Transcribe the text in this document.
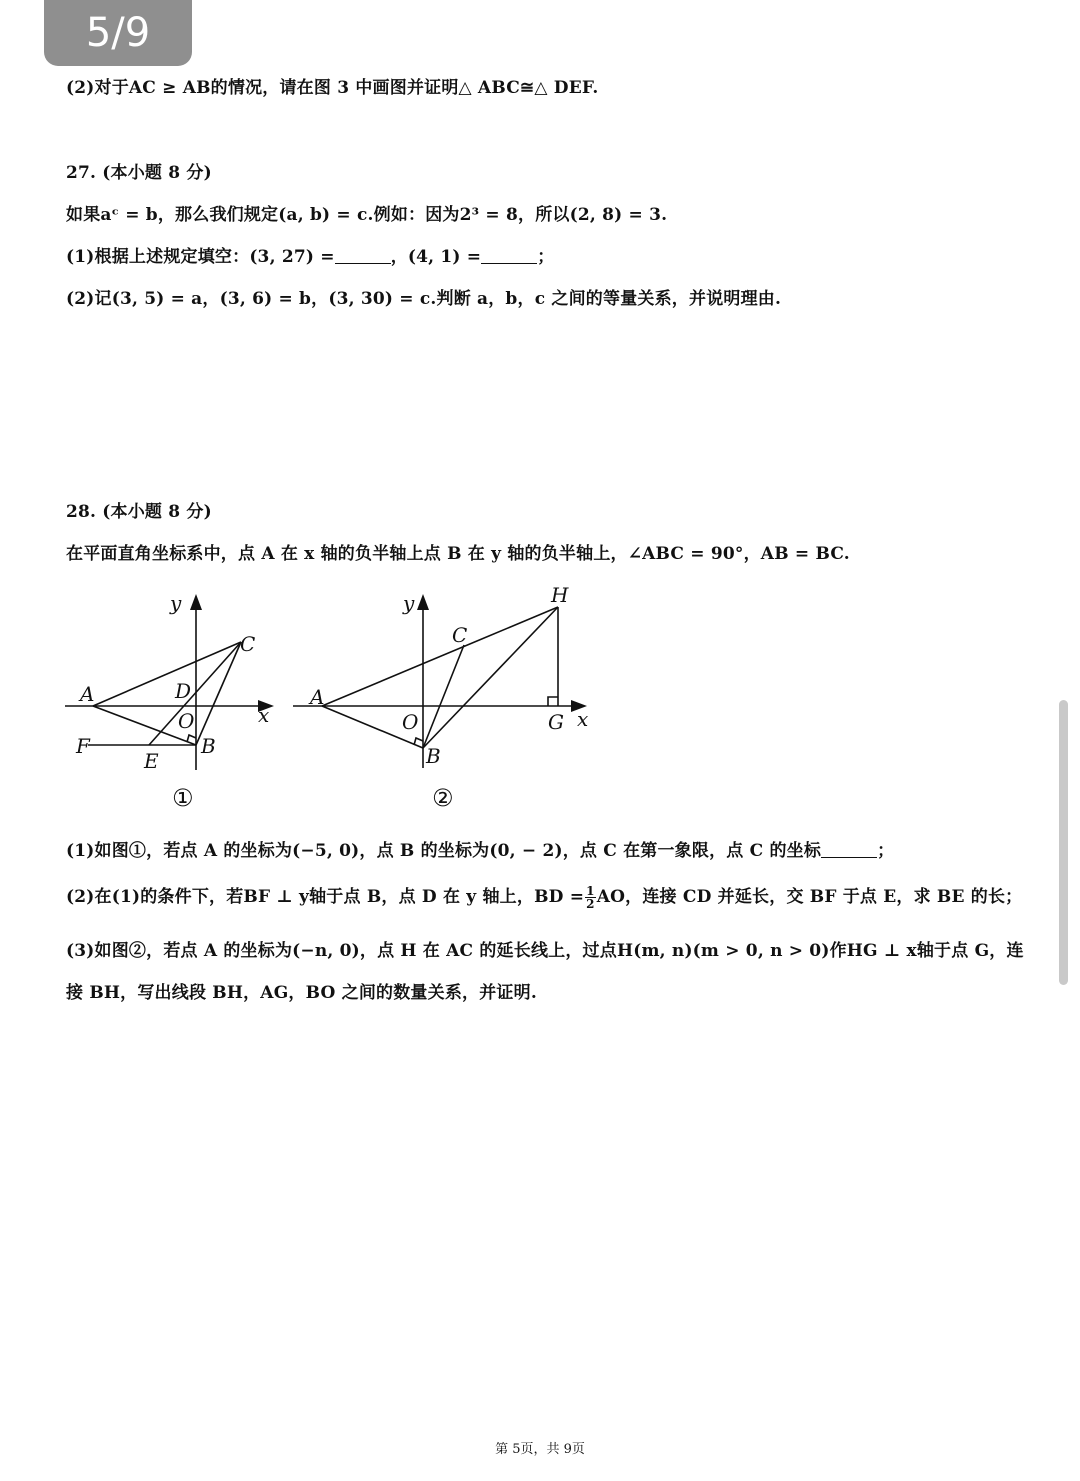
5/9
(2)对于AC ≥ AB的情况，请在图 3 中画图并证明△ ABC≅△ DEF.
27. (本小题 8 分)
如果aᶜ = b，那么我们规定(a, b) = c.例如：因为2³ = 8，所以(2, 8) = 3.
(1)根据上述规定填空：(3, 27) =	，(4, 1) =	；
(2)记(3, 5) = a，(3, 6) = b，(3, 30) = c.判断 a，b，c 之间的等量关系，并说明理由.
28. (本小题 8 分)
在平面直角坐标系中，点 A 在 x 轴的负半轴上点 B 在 y 轴的负半轴上，∠ABC = 90°，AB = BC.
y
x
A
C
D
O
F
E
B
①
y
x
A
C
H
O	G
B
②
(1)如图①，若点 A 的坐标为(−5, 0)，点 B 的坐标为(0, − 2)，点 C 在第一象限，点 C 的坐标	；
(2)在(1)的条件下，若BF ⊥ y轴于点 B，点 D 在 y 轴上，BD = $\frac{1}{2}$ AO，连接 CD 并延长，交 BF 于点 E，求 BE 的长；
(3)如图②，若点 A 的坐标为(−n, 0)，点 H 在 AC 的延长线上，过点H(m, n)(m > 0, n > 0)作HG ⊥ x轴于点 G，连
接 BH，写出线段 BH，AG，BO 之间的数量关系，并证明.
第 5页，共 9页
